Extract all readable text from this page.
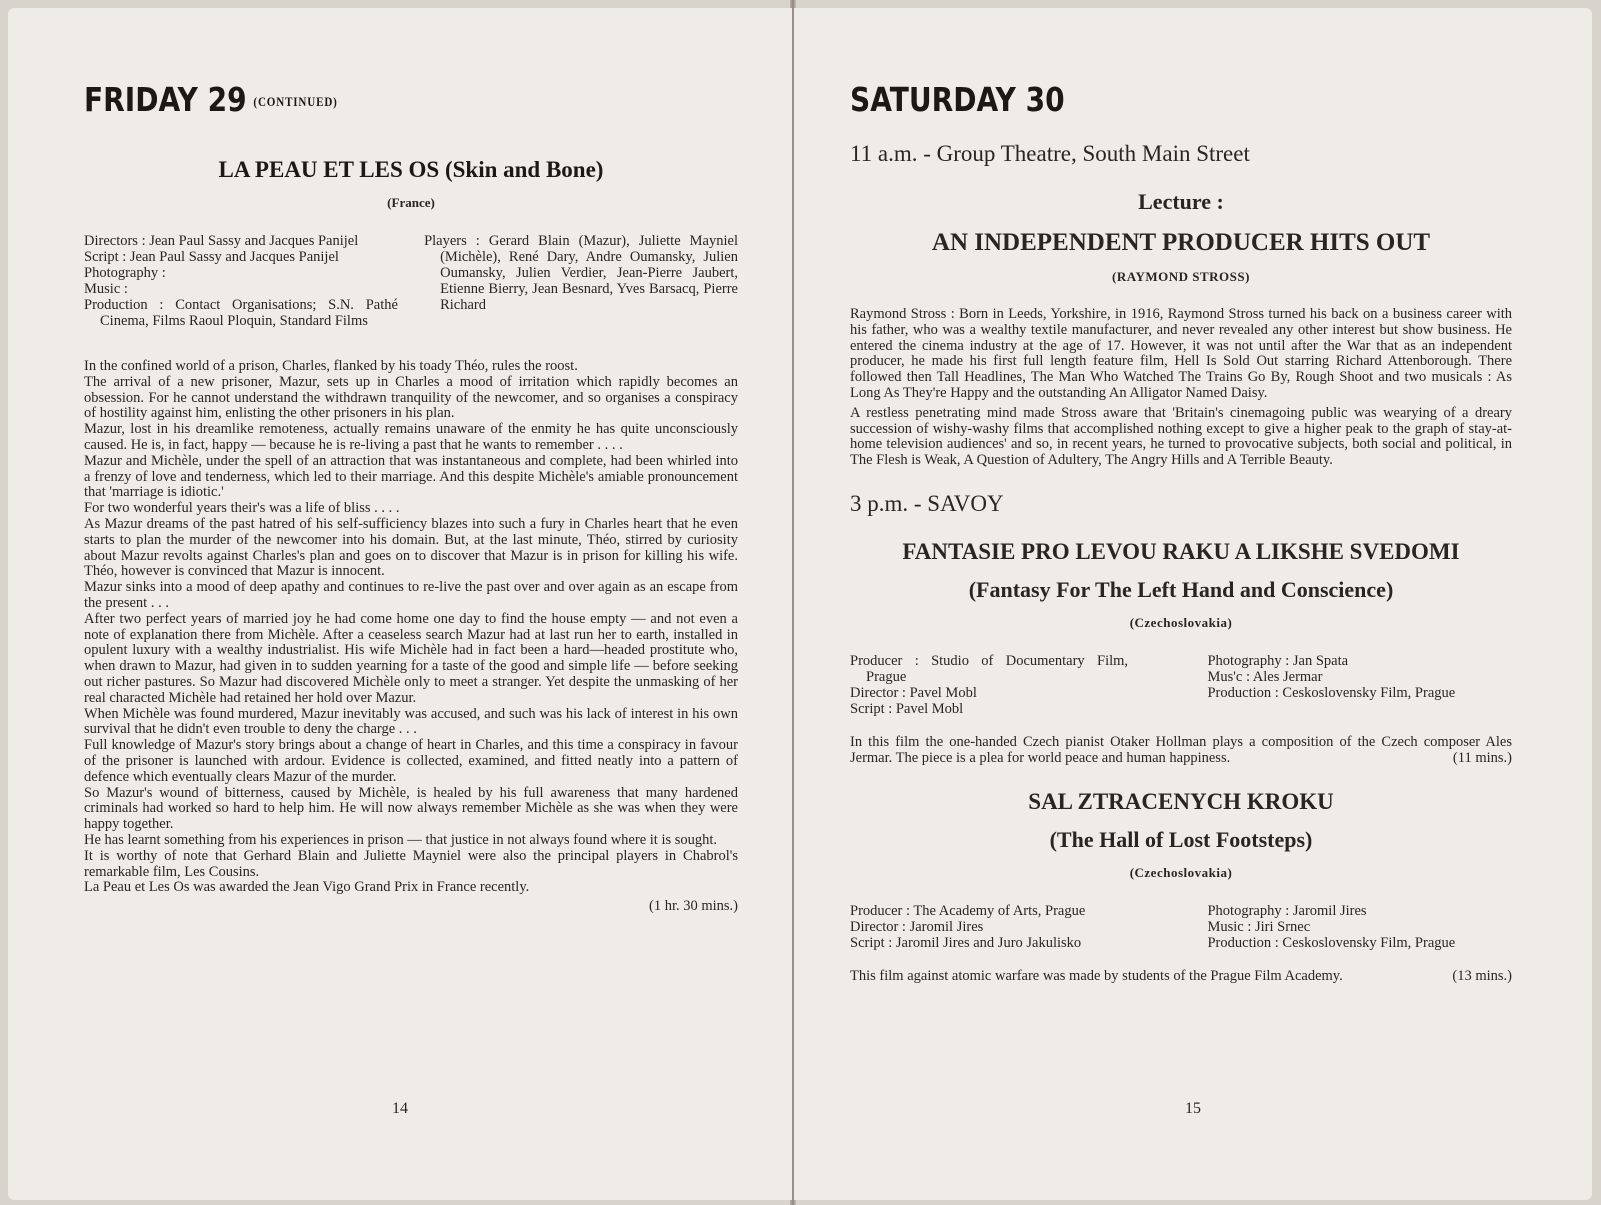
FRIDAY 29 (CONTINUED)
LA PEAU ET LES OS (Skin and Bone)
(France)
Directors : Jean Paul Sassy and Jacques Panijel
Script : Jean Paul Sassy and Jacques Panijel
Photography :
Music :
Production : Contact Organisations; S.N. Pathé Cinema, Films Raoul Ploquin, Standard Films
Players : Gerard Blain (Mazur), Juliette Mayniel (Michèle), René Dary, Andre Oumansky, Julien Oumansky, Julien Verdier, Jean-Pierre Jaubert, Etienne Bierry, Jean Besnard, Yves Barsacq, Pierre Richard

In the confined world of a prison, Charles, flanked by his toady Théo, rules the roost.

The arrival of a new prisoner, Mazur, sets up in Charles a mood of irritation which rapidly becomes an obsession. For he cannot understand the withdrawn tranquility of the newcomer, and so organises a conspiracy of hostility against him, enlisting the other prisoners in his plan.

Mazur, lost in his dreamlike remoteness, actually remains unaware of the enmity he has quite unconsciously caused. He is, in fact, happy — because he is re-living a past that he wants to remember . . . .

Mazur and Michèle, under the spell of an attraction that was instantaneous and complete, had been whirled into a frenzy of love and tenderness, which led to their marriage. And this despite Michèle's amiable pronouncement that 'marriage is idiotic.'

For two wonderful years their's was a life of bliss . . . .

As Mazur dreams of the past hatred of his self-sufficiency blazes into such a fury in Charles heart that he even starts to plan the murder of the newcomer into his domain. But, at the last minute, Théo, stirred by curiosity about Mazur revolts against Charles's plan and goes on to discover that Mazur is in prison for killing his wife. Théo, however is convinced that Mazur is innocent.

Mazur sinks into a mood of deep apathy and continues to re-live the past over and over again as an escape from the present . . .

After two perfect years of married joy he had come home one day to find the house empty — and not even a note of explanation there from Michèle. After a ceaseless search Mazur had at last run her to earth, installed in opulent luxury with a wealthy industrialist. His wife Michèle had in fact been a hard—headed prostitute who, when drawn to Mazur, had given in to sudden yearning for a taste of the good and simple life — before seeking out richer pastures. So Mazur had discovered Michèle only to meet a stranger. Yet despite the unmasking of her real characted Michèle had retained her hold over Mazur.

When Michèle was found murdered, Mazur inevitably was accused, and such was his lack of interest in his own survival that he didn't even trouble to deny the charge . . .

Full knowledge of Mazur's story brings about a change of heart in Charles, and this time a conspiracy in favour of the prisoner is launched with ardour. Evidence is collected, examined, and fitted neatly into a pattern of defence which eventually clears Mazur of the murder.

So Mazur's wound of bitterness, caused by Michèle, is healed by his full awareness that many hardened criminals had worked so hard to help him. He will now always remember Michèle as she was when they were happy together.

He has learnt something from his experiences in prison — that justice in not always found where it is sought.

It is worthy of note that Gerhard Blain and Juliette Mayniel were also the principal players in Chabrol's remarkable film, Les Cousins.

La Peau et Les Os was awarded the Jean Vigo Grand Prix in France recently.

(1 hr. 30 mins.)
14
SATURDAY 30
11 a.m. - Group Theatre, South Main Street
Lecture :
AN INDEPENDENT PRODUCER HITS OUT
(RAYMOND STROSS)

Raymond Stross : Born in Leeds, Yorkshire, in 1916, Raymond Stross turned his back on a business career with his father, who was a wealthy textile manufacturer, and never revealed any other interest but show business. He entered the cinema industry at the age of 17. However, it was not until after the War that as an independent producer, he made his first full length feature film, Hell Is Sold Out starring Richard Attenborough. There followed then Tall Headlines, The Man Who Watched The Trains Go By, Rough Shoot and two musicals : As Long As They're Happy and the outstanding An Alligator Named Daisy.

A restless penetrating mind made Stross aware that 'Britain's cinemagoing public was wearying of a dreary succession of wishy-washy films that accomplished nothing except to give a higher peak to the graph of stay-at-home television audiences' and so, in recent years, he turned to provocative subjects, both social and political, in The Flesh is Weak, A Question of Adultery, The Angry Hills and A Terrible Beauty.

3 p.m. - SAVOY
FANTASIE PRO LEVOU RAKU A LIKSHE SVEDOMI
(Fantasy For The Left Hand and Conscience)
(Czechoslovakia)
Producer : Studio of Documentary Film, Prague
Director : Pavel Mobl
Script : Pavel Mobl
Photography : Jan Spata
Mus'c : Ales Jermar
Production : Ceskoslovensky Film, Prague
In this film the one-handed Czech pianist Otaker Hollman plays a composition of the Czech composer Ales Jermar. The piece is a plea for world peace and human happiness.	(11 mins.)
SAL ZTRACENYCH KROKU
(The Hall of Lost Footsteps)
(Czechoslovakia)
Producer : The Academy of Arts, Prague
Director : Jaromil Jires
Script : Jaromil Jires and Juro Jakulisko
Photography : Jaromil Jires
Music : Jiri Srnec
Production : Ceskoslovensky Film, Prague
This film against atomic warfare was made by students of the Prague Film Academy.	(13 mins.)
15
